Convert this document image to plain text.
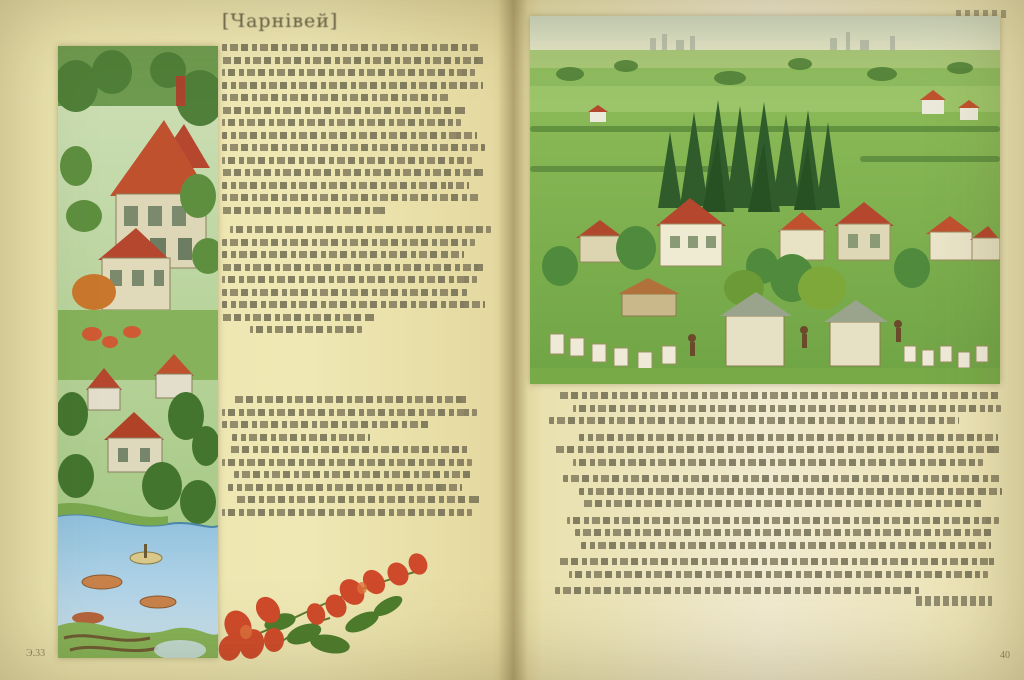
[Чарнівей]
Э.33	40
